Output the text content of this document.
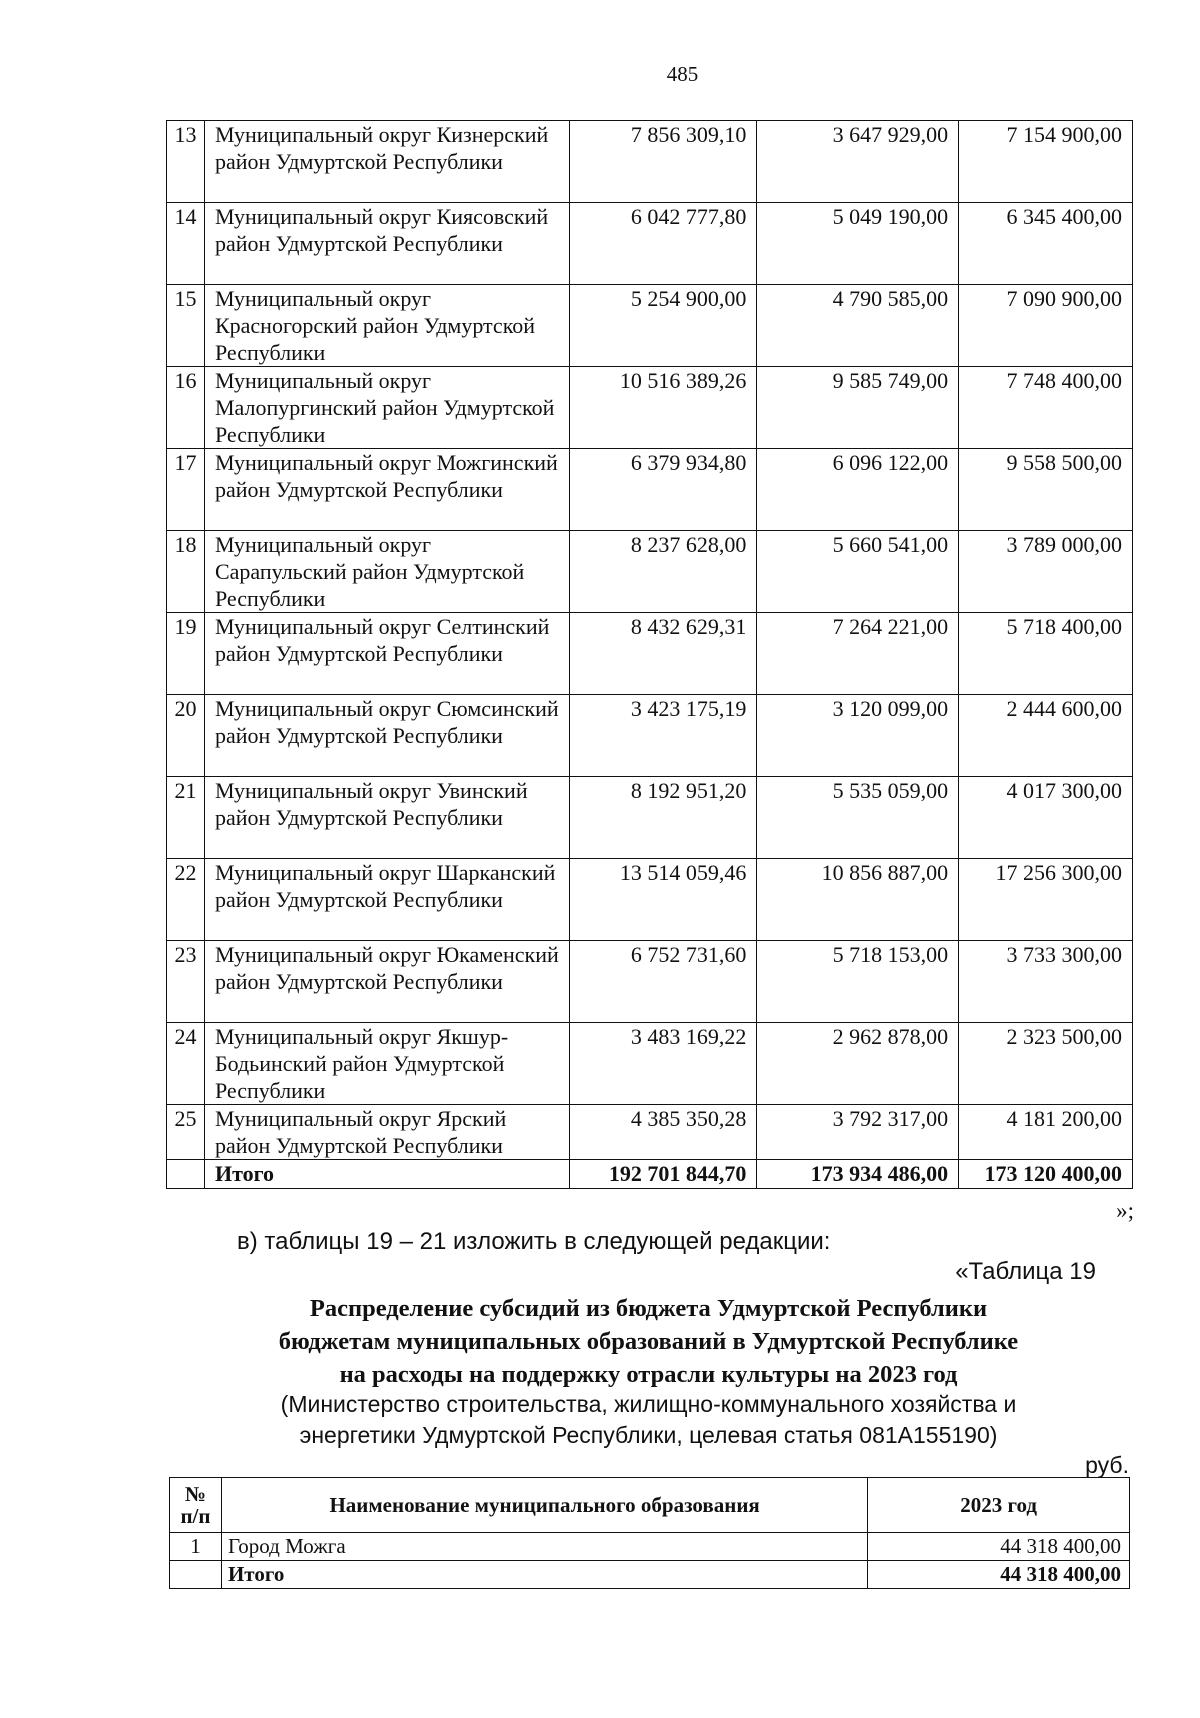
485
13	Муниципальный округ Кизнерский район Удмуртской Республики	7 856 309,10	3 647 929,00	7 154 900,00
14	Муниципальный округ Киясовский район Удмуртской Республики	6 042 777,80	5 049 190,00	6 345 400,00
15	Муниципальный округ Красногорский район Удмуртской Республики	5 254 900,00	4 790 585,00	7 090 900,00
16	Муниципальный округ Малопургинский район Удмуртской Республики	10 516 389,26	9 585 749,00	7 748 400,00
17	Муниципальный округ Можгинский район Удмуртской Республики	6 379 934,80	6 096 122,00	9 558 500,00
18	Муниципальный округ Сарапульский район Удмуртской Республики	8 237 628,00	5 660 541,00	3 789 000,00
19	Муниципальный округ Селтинский район Удмуртской Республики	8 432 629,31	7 264 221,00	5 718 400,00
20	Муниципальный округ Сюмсинский район Удмуртской Республики	3 423 175,19	3 120 099,00	2 444 600,00
21	Муниципальный округ Увинский район Удмуртской Республики	8 192 951,20	5 535 059,00	4 017 300,00
22	Муниципальный округ Шарканский район Удмуртской Республики	13 514 059,46	10 856 887,00	17 256 300,00
23	Муниципальный округ Юкаменский район Удмуртской Республики	6 752 731,60	5 718 153,00	3 733 300,00
24	Муниципальный округ Якшур-Бодьинский район Удмуртской Республики	3 483 169,22	2 962 878,00	2 323 500,00
25	Муниципальный округ Ярский район Удмуртской Республики	4 385 350,28	3 792 317,00	4 181 200,00
	Итого	192 701 844,70	173 934 486,00	173 120 400,00
»;
в) таблицы 19 – 21 изложить в следующей редакции:
«Таблица 19
Распределение субсидий из бюджета Удмуртской Республики
бюджетам муниципальных образований в Удмуртской Республике
на расходы на поддержку отрасли культуры на 2023 год
(Министерство строительства, жилищно-коммунального хозяйства и
энергетики Удмуртской Республики, целевая статья 081А155190)
руб.
№
п/п	Наименование муниципального образования	2023 год
1	Город Можга	44 318 400,00
	Итого	44 318 400,00
